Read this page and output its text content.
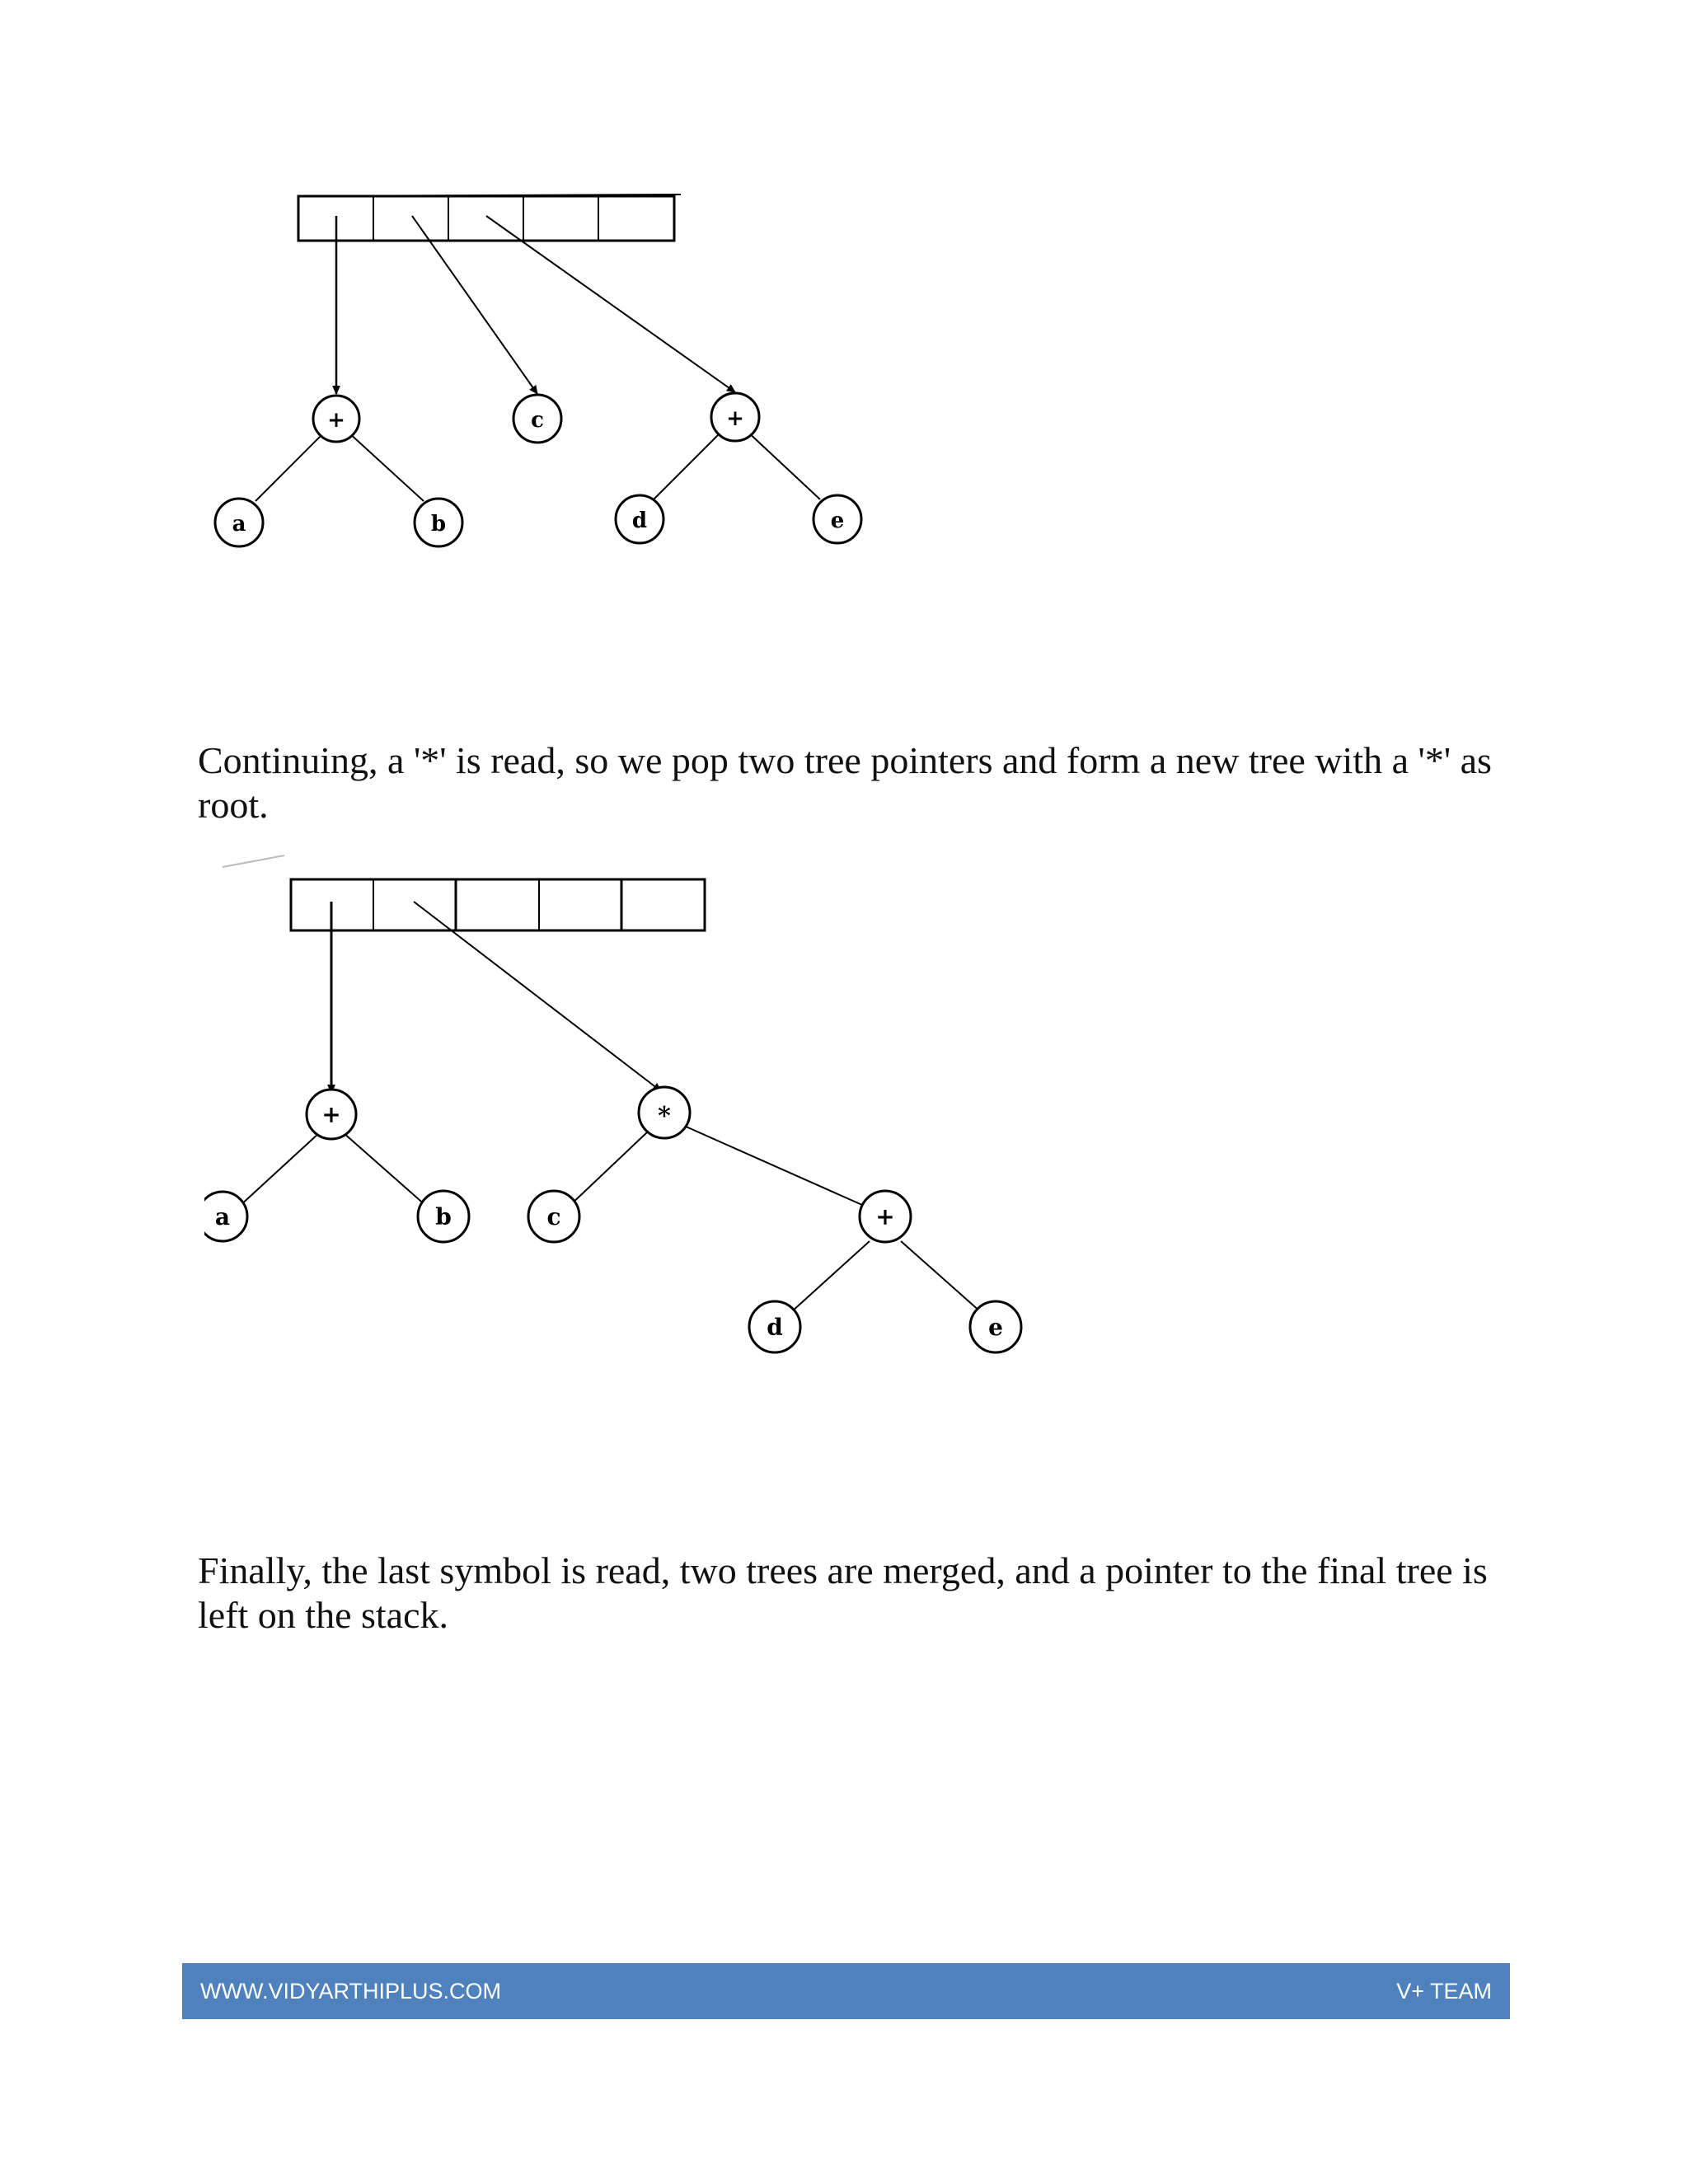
+
a	b
c	+
d	e

Continuing, a '*' is read, so we pop two tree pointers and form a new tree with a '*' as root.

+
a	b
*
c	+
d	e

Finally, the last symbol is read, two trees are merged, and a pointer to the final tree is left on the stack.

WWW.VIDYARTHIPLUS.COM	V+ TEAM
